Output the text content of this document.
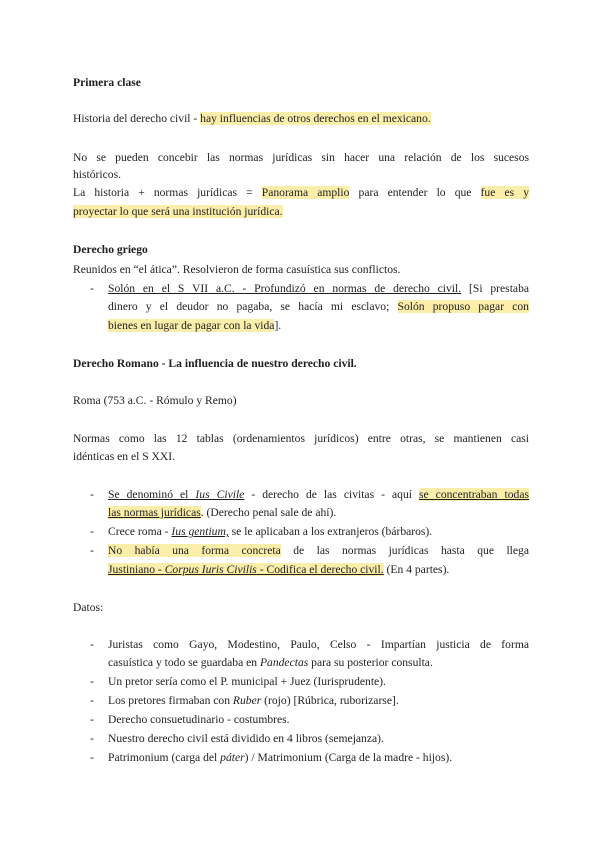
Primera clase
Historia del derecho civil - hay influencias de otros derechos en el mexicano.
No se pueden concebir las normas jurídicas sin hacer una relación de los sucesos
históricos.
La historia + normas jurídicas = Panorama amplio para entender lo que fue es y
proyectar lo que será una institución jurídica.
Derecho griego
Reunidos en “el ática”. Resolvieron de forma casuística sus conflictos.
- Solón en el S VII a.C. - Profundizó en normas de derecho civil. [Si prestaba
dinero y el deudor no pagaba, se hacía mi esclavo; Solón propuso pagar con
bienes en lugar de pagar con la vida].
Derecho Romano - La influencia de nuestro derecho civil.
Roma (753 a.C. - Rómulo y Remo)
Normas como las 12 tablas (ordenamientos jurídicos) entre otras, se mantienen casi
idénticas en el S XXI.
- Se denominó el Ius Civile - derecho de las civitas - aquí se concentraban todas
las normas jurídicas. (Derecho penal sale de ahí).
- Crece roma - Ius gentium, se le aplicaban a los extranjeros (bárbaros).
- No había una forma concreta de las normas jurídicas hasta que llega
Justiniano - Corpus Iuris Civilis - Codifica el derecho civil. (En 4 partes).
Datos:
- Juristas como Gayo, Modestino, Paulo, Celso - Impartían justicia de forma
casuística y todo se guardaba en Pandectas para su posterior consulta.
- Un pretor sería como el P. municipal + Juez (Iurisprudente).
- Los pretores firmaban con Ruber (rojo) [Rúbrica, ruborizarse].
- Derecho consuetudinario - costumbres.
- Nuestro derecho civil está dividido en 4 libros (semejanza).
- Patrimonium (carga del páter) / Matrimonium (Carga de la madre - hijos).
